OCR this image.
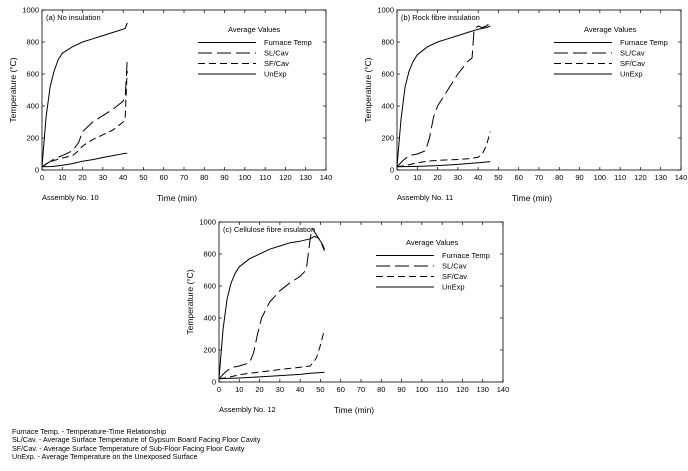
0 10 20 30 40 50 60 70 80 90 100 110 120 130 140
0
200
400
600
800
1000
Time (min)
Temperature (°C)
(a) No insulation
Assembly No. 10
Average Values
Furnace Temp
SL/Cav
SF/Cav
UnExp
0 10 20 30 40 50 60 70 80 90 100 110 120 130 140
0
200
400
600
800
1000
Time (min)
Temperature (°C)
(b) Rock fibre insulation
Assembly No. 11
Average Values
Furnace Temp
SL/Cav
SF/Cav
UnExp
0 10 20 30 40 50 60 70 80 90 100 110 120 130 140
0
200
400
600
800
1000
Time (min)
Temperature (°C)
(c) Cellulose fibre insulation
Assembly No. 12
Average Values
Furnace Temp
SL/Cav
SF/Cav
UnExp
Furnace Temp. - Temperature-Time Relationship
SL/Cav. - Average Surface Temperature of Gypsum Board Facing Floor Cavity
SF/Cav. - Average Surface Temperature of Sub-Floor Facing Floor Cavity
UnExp. - Average Temperature on the Unexposed Surface
